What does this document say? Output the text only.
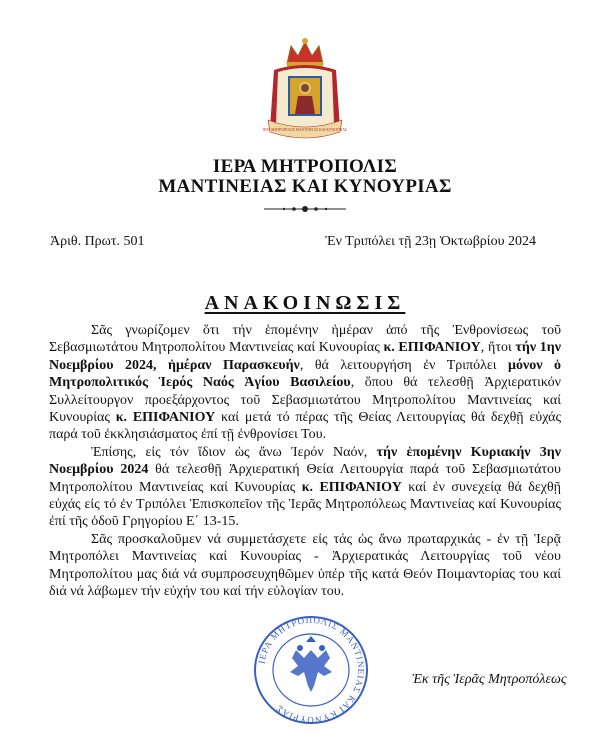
ΙΕΡΑ ΜΗΤΡΟΠΟΛΙΣ ΜΑΝΤΙΝΕΙΑΣ ΚΑΙ ΚΥΝΟΥΡΙΑΣ
ΙΕΡΑ ΜΗΤΡΟΠΟΛΙΣ
ΜΑΝΤΙΝΕΙΑΣ ΚΑΙ ΚΥΝΟΥΡΙΑΣ
Ἀριθ. Πρωτ. 501	Ἐν Τριπόλει τῇ 23ῃ Ὀκτωβρίου 2024
ΑΝΑΚΟΙΝΩΣΙΣ

Σᾶς γνωρίζομεν ὅτι τήν ἑπομένην ἡμέραν ἀπό τῆς Ἐνθρονίσεως τοῦ Σεβασμιωτάτου Μητροπολίτου Μαντινείας καί Κυνουρίας κ. ΕΠΙΦΑΝΙΟΥ, ἤτοι τήν 1ην Νοεμβρίου 2024, ἡμέραν Παρασκευήν, θά λειτουργήση ἐν Τριπόλει μόνον ὁ Μητροπολιτικός Ἱερός Ναός Ἁγίου Βασιλείου, ὅπου θά τελεσθῇ Ἀρχιερατικόν Συλλείτουργον προεξάρχοντος τοῦ Σεβασμιωτάτου Μητροπολίτου Μαντινείας καί Κυνουρίας κ. ΕΠΙΦΑΝΙΟΥ καί μετά τό πέρας τῆς Θείας Λειτουργίας θά δεχθῇ εὐχάς παρά τοῦ ἐκκλησιάσματος ἐπί τῇ ἐνθρονίσει Του.

Ἐπίσης, εἰς τόν ἴδιον ὡς ἄνω Ἱερόν Ναόν, τήν ἑπομένην Κυριακήν 3ην Νοεμβρίου 2024 θά τελεσθῇ Ἀρχιερατική Θεία Λειτουργία παρά τοῦ Σεβασμιωτάτου Μητροπολίτου Μαντινείας καί Κυνουρίας κ. ΕΠΙΦΑΝΙΟΥ καί ἐν συνεχείᾳ θά δεχθῇ εὐχάς εἰς τό ἐν Τριπόλει Ἐπισκοπεῖον τῆς Ἱερᾶς Μητροπόλεως Μαντινείας καί Κυνουρίας ἐπί τῆς ὁδοῦ Γρηγορίου Ε΄ 13-15.

Σᾶς προσκαλοῦμεν νά συμμετάσχετε εἰς τάς ὡς ἄνω πρωταρχικάς - ἐν τῇ Ἱερᾷ Μητροπόλει Μαντινείας καί Κυνουρίας - Ἀρχιερατικάς Λειτουργίας τοῦ νέου Μητροπολίτου μας διά νά συμπροσευχηθῶμεν ὑπέρ τῆς κατά Θεόν Ποιμαντορίας του καί διά νά λάβωμεν τήν εὐχήν του καί τήν εὐλογίαν του.

ΙΕΡΑ ΜΗΤΡΟΠΟΛΙΣ ΜΑΝΤΙΝΕΙΑΣ ΚΑΙ ΚΥΝΟΥΡΙΑΣ
Ἐκ τῆς Ἱερᾶς Μητροπόλεως
